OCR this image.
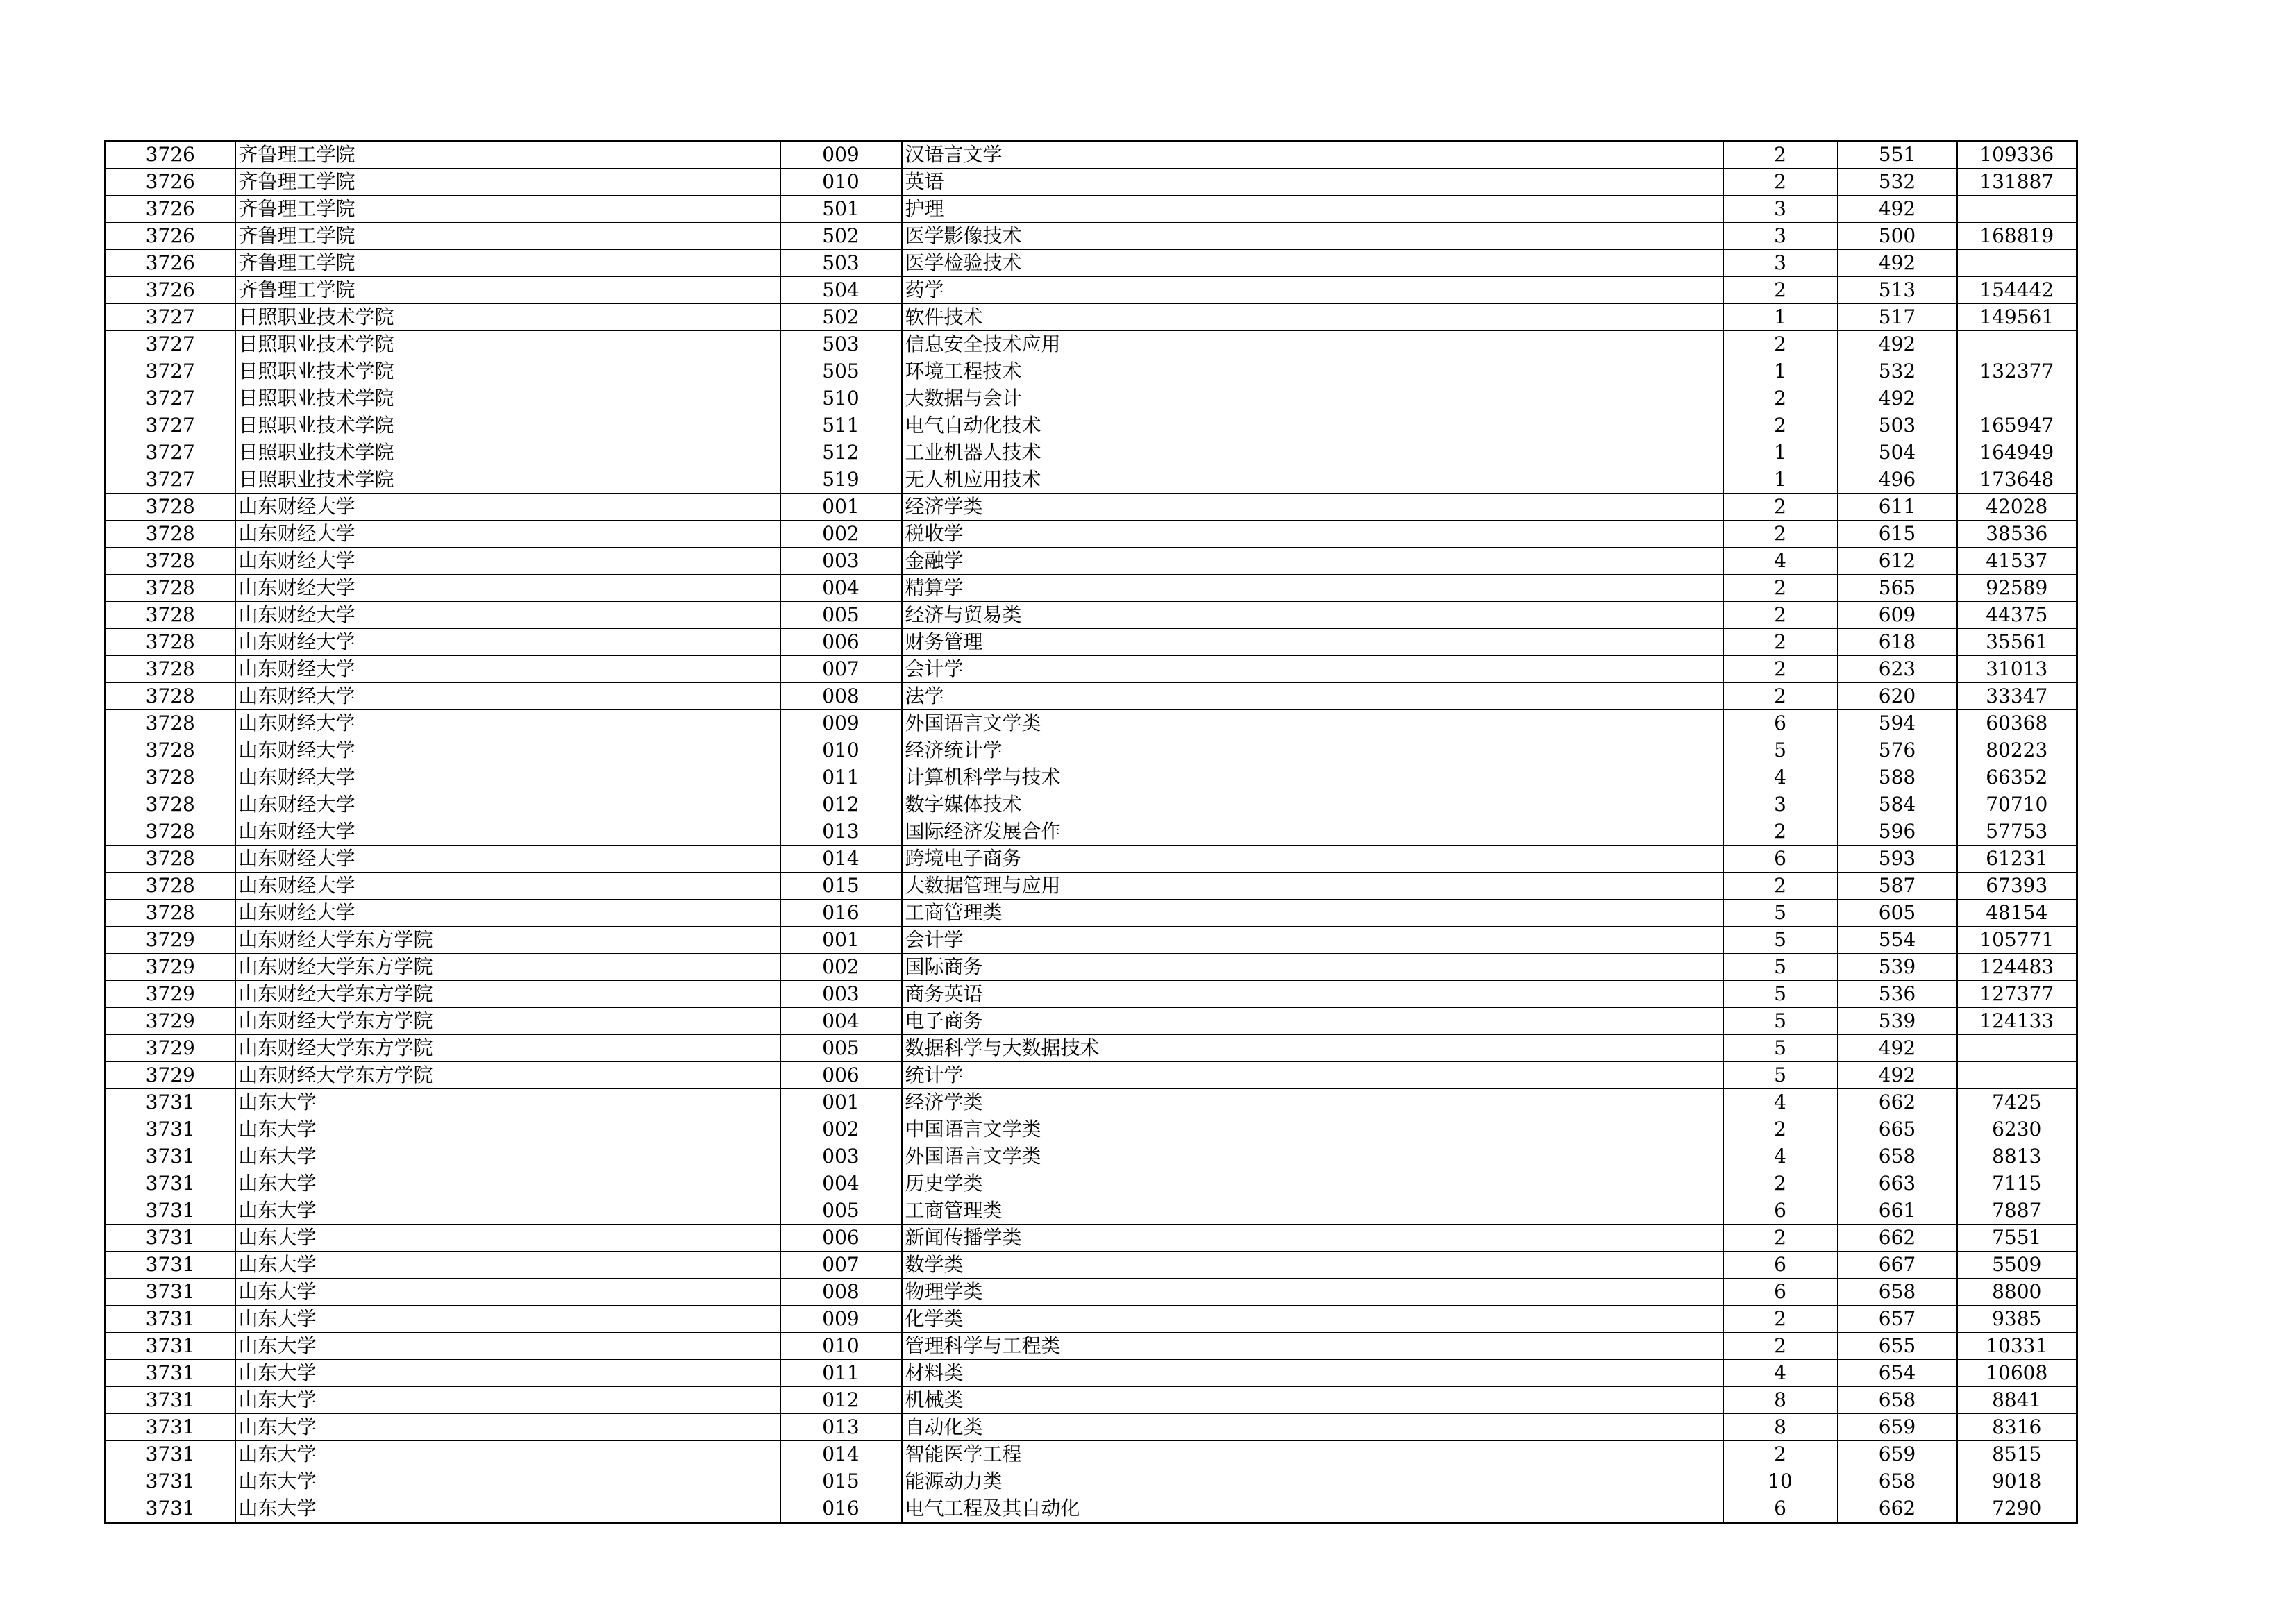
3726	齐鲁理工学院	009	汉语言文学	2	551	109336
3726	齐鲁理工学院	010	英语	2	532	131887
3726	齐鲁理工学院	501	护理	3	492	
3726	齐鲁理工学院	502	医学影像技术	3	500	168819
3726	齐鲁理工学院	503	医学检验技术	3	492	
3726	齐鲁理工学院	504	药学	2	513	154442
3727	日照职业技术学院	502	软件技术	1	517	149561
3727	日照职业技术学院	503	信息安全技术应用	2	492	
3727	日照职业技术学院	505	环境工程技术	1	532	132377
3727	日照职业技术学院	510	大数据与会计	2	492	
3727	日照职业技术学院	511	电气自动化技术	2	503	165947
3727	日照职业技术学院	512	工业机器人技术	1	504	164949
3727	日照职业技术学院	519	无人机应用技术	1	496	173648
3728	山东财经大学	001	经济学类	2	611	42028
3728	山东财经大学	002	税收学	2	615	38536
3728	山东财经大学	003	金融学	4	612	41537
3728	山东财经大学	004	精算学	2	565	92589
3728	山东财经大学	005	经济与贸易类	2	609	44375
3728	山东财经大学	006	财务管理	2	618	35561
3728	山东财经大学	007	会计学	2	623	31013
3728	山东财经大学	008	法学	2	620	33347
3728	山东财经大学	009	外国语言文学类	6	594	60368
3728	山东财经大学	010	经济统计学	5	576	80223
3728	山东财经大学	011	计算机科学与技术	4	588	66352
3728	山东财经大学	012	数字媒体技术	3	584	70710
3728	山东财经大学	013	国际经济发展合作	2	596	57753
3728	山东财经大学	014	跨境电子商务	6	593	61231
3728	山东财经大学	015	大数据管理与应用	2	587	67393
3728	山东财经大学	016	工商管理类	5	605	48154
3729	山东财经大学东方学院	001	会计学	5	554	105771
3729	山东财经大学东方学院	002	国际商务	5	539	124483
3729	山东财经大学东方学院	003	商务英语	5	536	127377
3729	山东财经大学东方学院	004	电子商务	5	539	124133
3729	山东财经大学东方学院	005	数据科学与大数据技术	5	492	
3729	山东财经大学东方学院	006	统计学	5	492	
3731	山东大学	001	经济学类	4	662	7425
3731	山东大学	002	中国语言文学类	2	665	6230
3731	山东大学	003	外国语言文学类	4	658	8813
3731	山东大学	004	历史学类	2	663	7115
3731	山东大学	005	工商管理类	6	661	7887
3731	山东大学	006	新闻传播学类	2	662	7551
3731	山东大学	007	数学类	6	667	5509
3731	山东大学	008	物理学类	6	658	8800
3731	山东大学	009	化学类	2	657	9385
3731	山东大学	010	管理科学与工程类	2	655	10331
3731	山东大学	011	材料类	4	654	10608
3731	山东大学	012	机械类	8	658	8841
3731	山东大学	013	自动化类	8	659	8316
3731	山东大学	014	智能医学工程	2	659	8515
3731	山东大学	015	能源动力类	10	658	9018
3731	山东大学	016	电气工程及其自动化	6	662	7290
